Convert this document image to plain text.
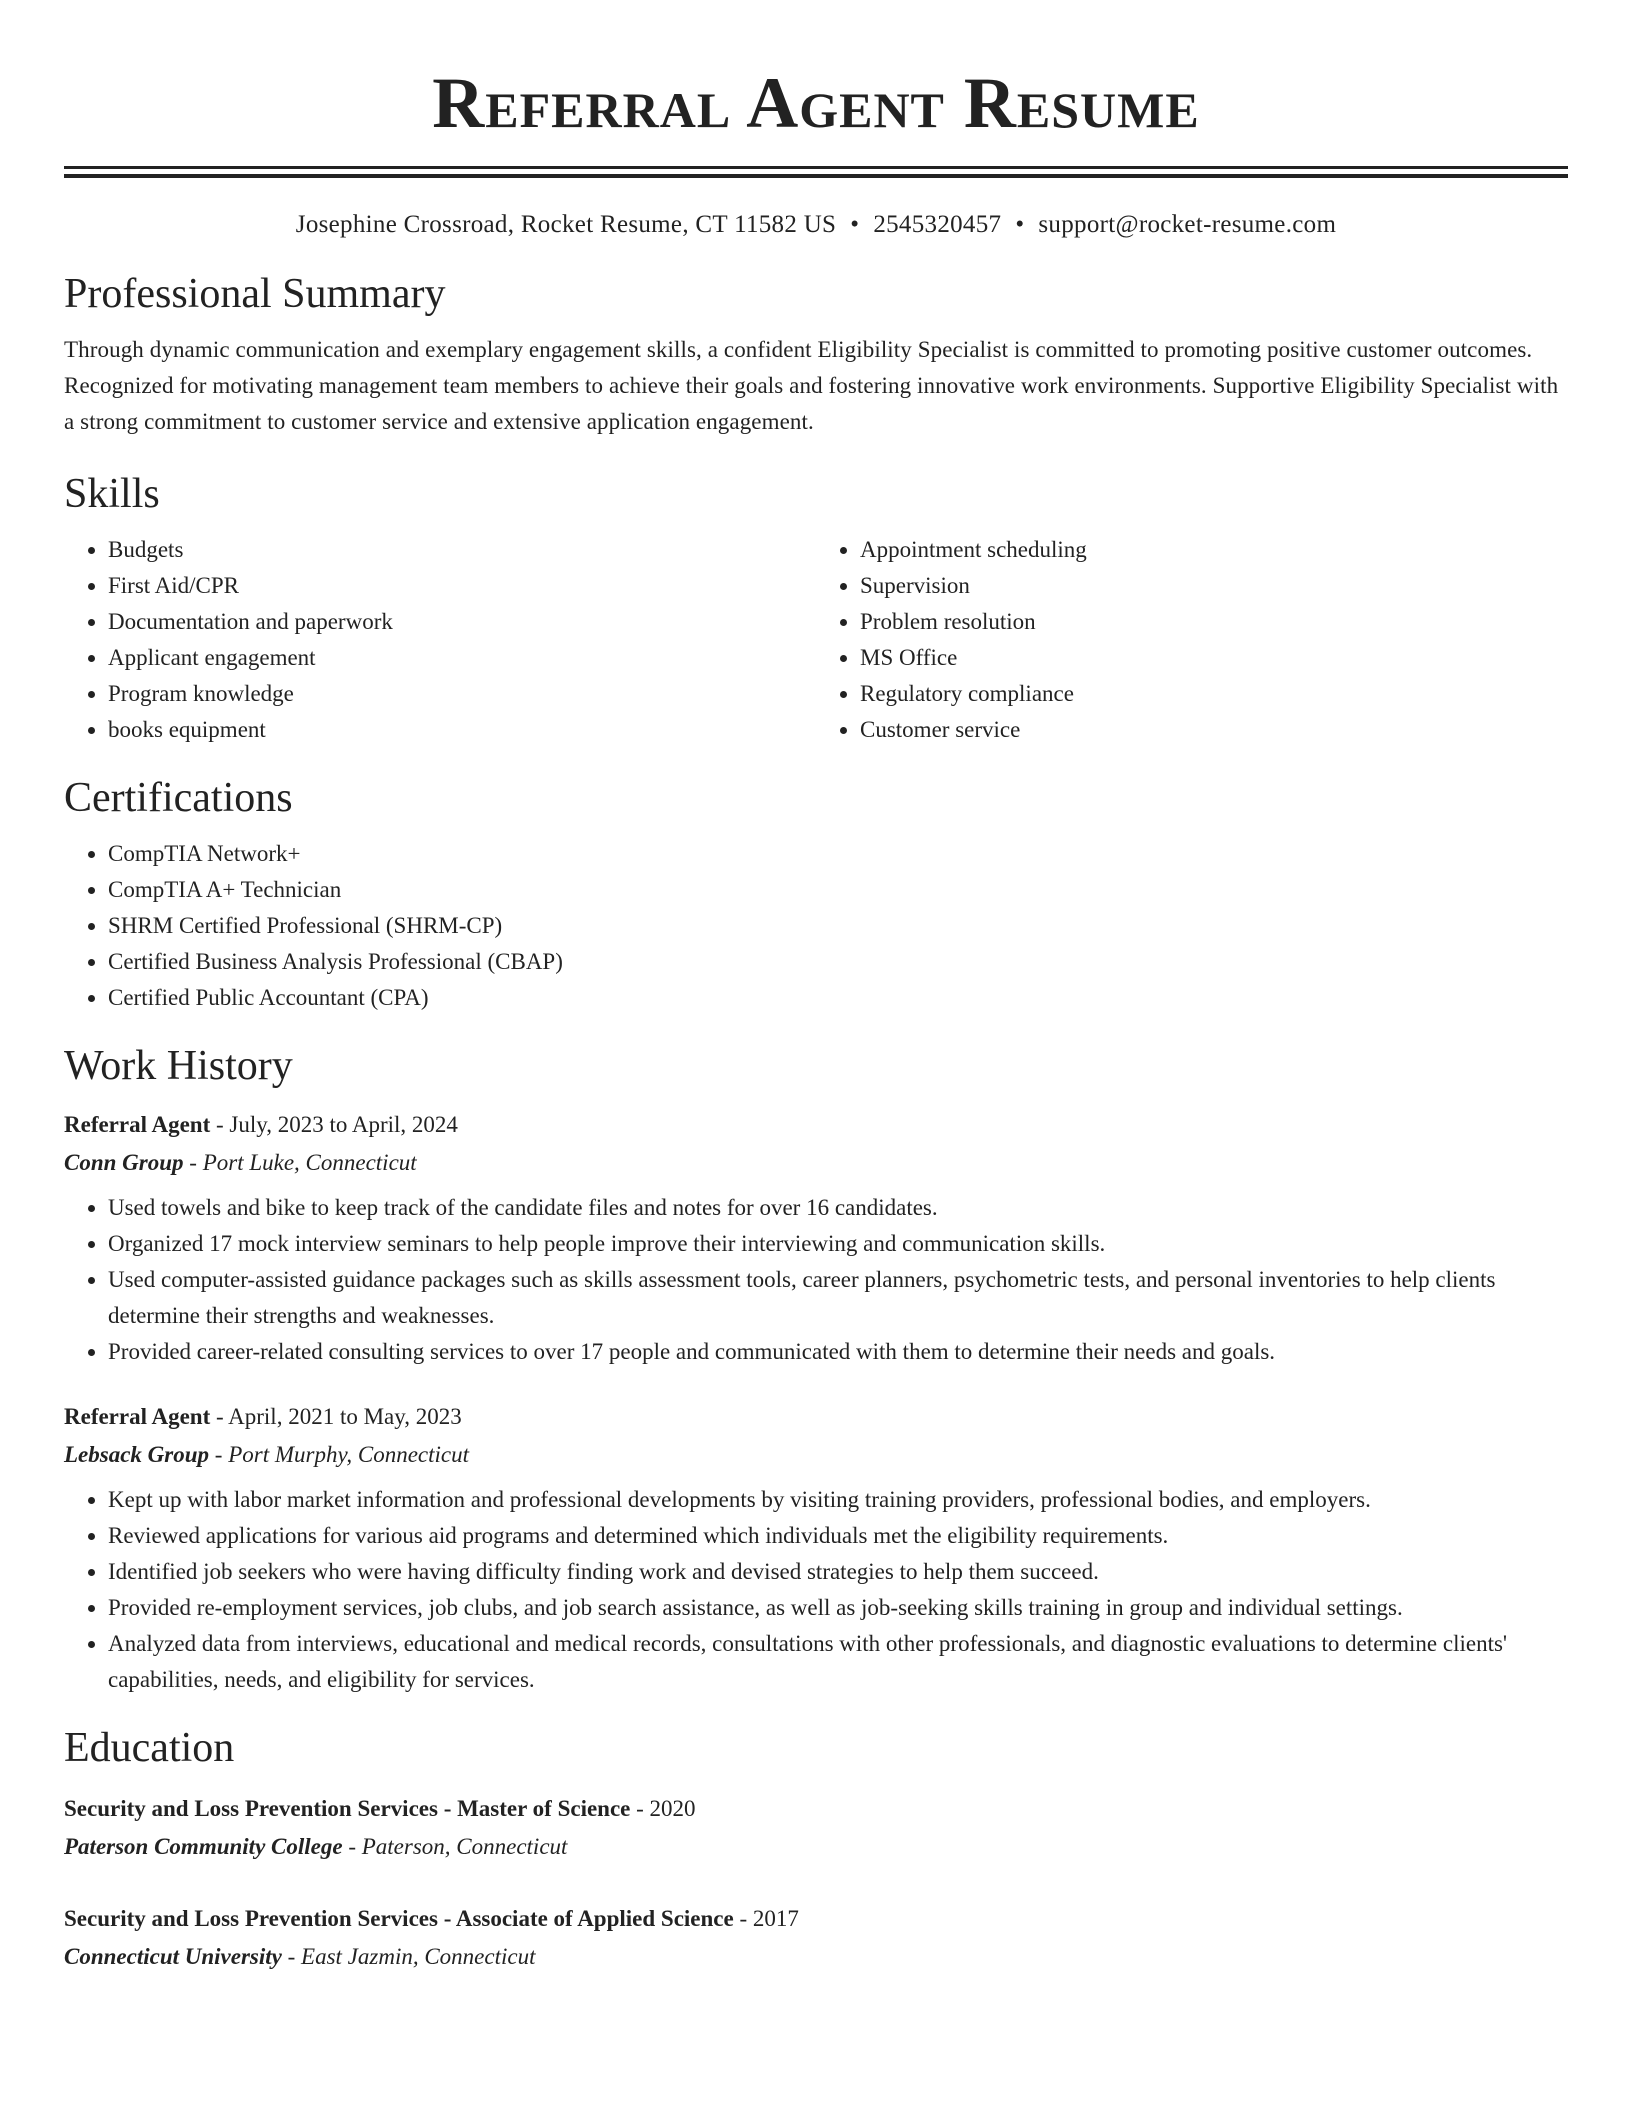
Referral Agent Resume
Josephine Crossroad, Rocket Resume, CT 11582 US • 2545320457 • support@rocket-resume.com
Professional Summary
Through dynamic communication and exemplary engagement skills, a confident Eligibility Specialist is committed to promoting positive customer outcomes. Recognized for motivating management team members to achieve their goals and fostering innovative work environments. Supportive Eligibility Specialist with a strong commitment to customer service and extensive application engagement.
Skills
• Budgets
• First Aid/CPR
• Documentation and paperwork
• Applicant engagement
• Program knowledge
• books equipment
• Appointment scheduling
• Supervision
• Problem resolution
• MS Office
• Regulatory compliance
• Customer service
Certifications
• CompTIA Network+
• CompTIA A+ Technician
• SHRM Certified Professional (SHRM-CP)
• Certified Business Analysis Professional (CBAP)
• Certified Public Accountant (CPA)
Work History
Referral Agent - July, 2023 to April, 2024
Conn Group - Port Luke, Connecticut
• Used towels and bike to keep track of the candidate files and notes for over 16 candidates.
• Organized 17 mock interview seminars to help people improve their interviewing and communication skills.
• Used computer-assisted guidance packages such as skills assessment tools, career planners, psychometric tests, and personal inventories to help clients determine their strengths and weaknesses.
• Provided career-related consulting services to over 17 people and communicated with them to determine their needs and goals.
Referral Agent - April, 2021 to May, 2023
Lebsack Group - Port Murphy, Connecticut
• Kept up with labor market information and professional developments by visiting training providers, professional bodies, and employers.
• Reviewed applications for various aid programs and determined which individuals met the eligibility requirements.
• Identified job seekers who were having difficulty finding work and devised strategies to help them succeed.
• Provided re-employment services, job clubs, and job search assistance, as well as job-seeking skills training in group and individual settings.
• Analyzed data from interviews, educational and medical records, consultations with other professionals, and diagnostic evaluations to determine clients' capabilities, needs, and eligibility for services.
Education
Security and Loss Prevention Services - Master of Science - 2020
Paterson Community College - Paterson, Connecticut
Security and Loss Prevention Services - Associate of Applied Science - 2017
Connecticut University - East Jazmin, Connecticut
